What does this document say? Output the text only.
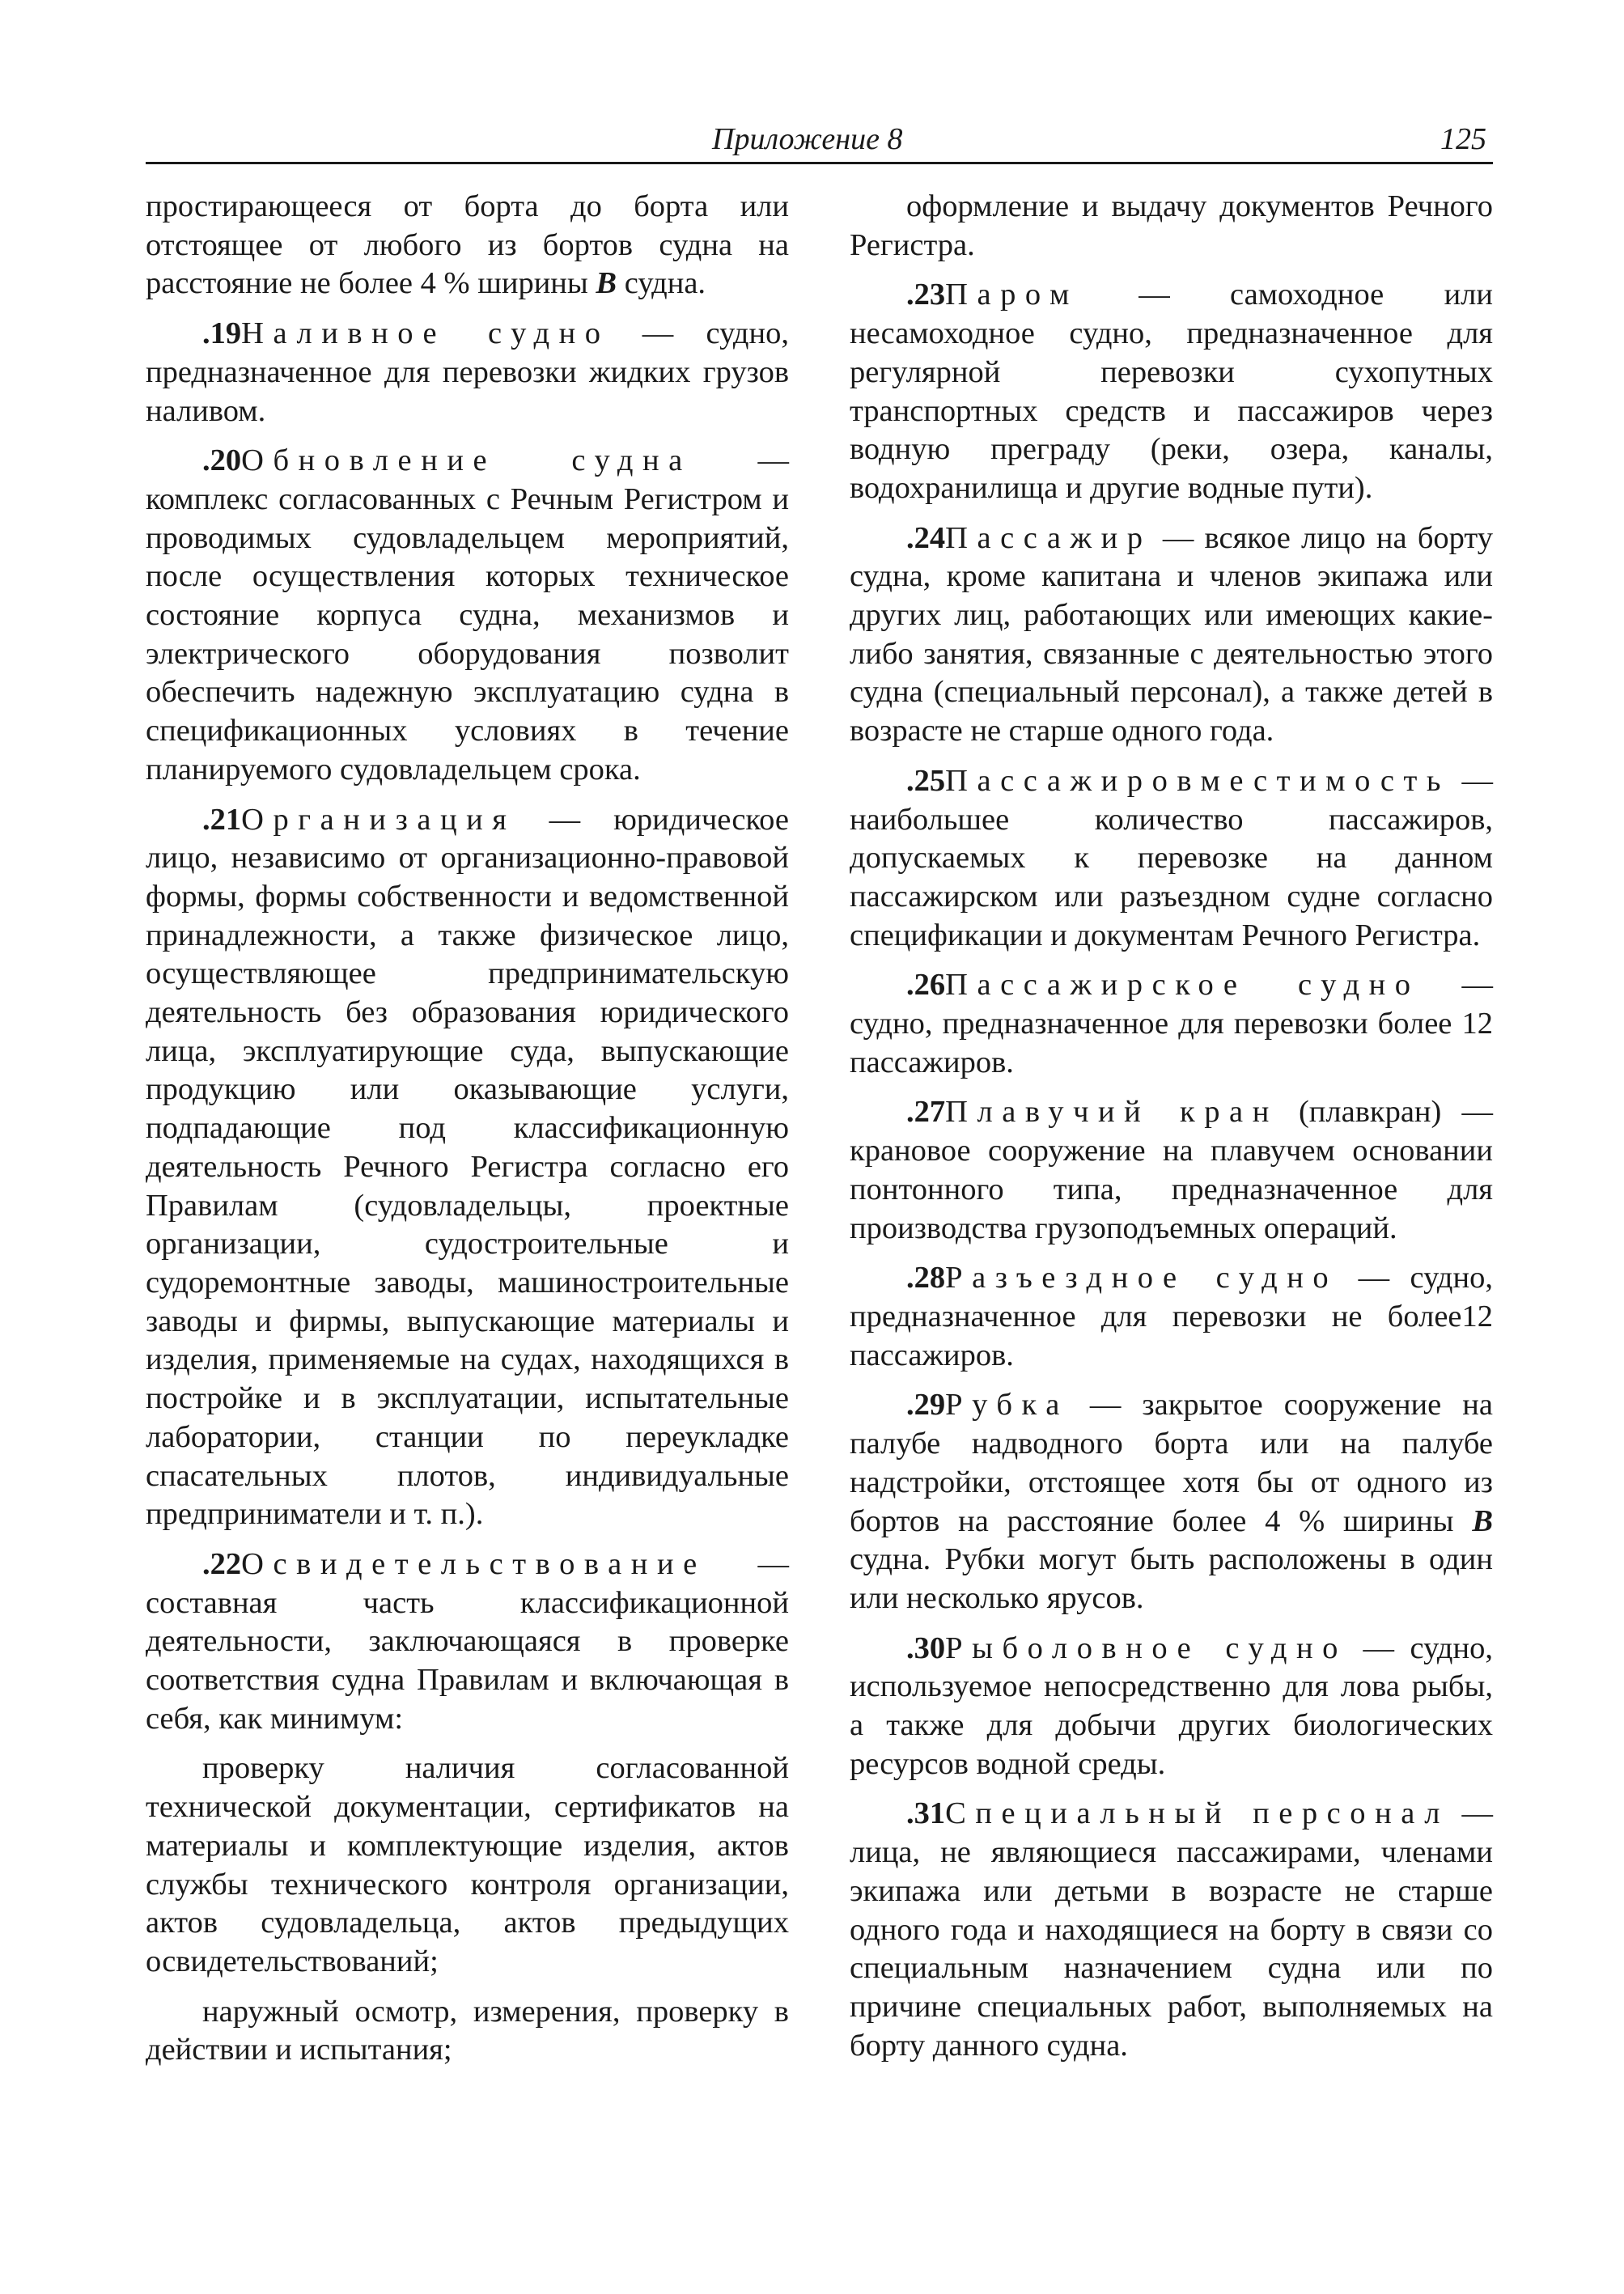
Приложение 8	125

простирающееся от борта до борта или отстоящее от любого из бортов судна на расстояние не более 4 % ширины B судна.

.19Наливное судно — судно, предназначенное для перевозки жидких грузов наливом.

.20Обновление судна — комплекс согласованных с Речным Регистром и проводимых судовладельцем мероприятий, после осуществления которых техническое состояние корпуса судна, механизмов и электрического оборудования позволит обеспечить надежную эксплуатацию судна в спецификационных условиях в течение планируемого судовладельцем срока.

.21Организация — юридическое лицо, независимо от организационно-правовой формы, формы собственности и ведомственной принадлежности, а также физическое лицо, осуществляющее предпринимательскую деятельность без образования юридического лица, эксплуатирующие суда, выпускающие продукцию или оказывающие услуги, подпадающие под классификационную деятельность Речного Регистра согласно его Правилам (судовладельцы, проектные организации, судостроительные и судоремонтные заводы, машиностроительные заводы и фирмы, выпускающие материалы и изделия, применяемые на судах, находящихся в постройке и в эксплуатации, испытательные лаборатории, станции по переукладке спасательных плотов, индивидуальные предприниматели и т. п.).

.22Освидетельствование — составная часть классификационной деятельности, заключающаяся в проверке соответствия судна Правилам и включающая в себя, как минимум:

проверку наличия согласованной технической документации, сертификатов на материалы и комплектующие изделия, актов службы технического контроля организации, актов судовладельца, актов предыдущих освидетельствований;

наружный осмотр, измерения, проверку в действии и испытания;

оформление и выдачу документов Речного Регистра.

.23Паром — самоходное или несамоходное судно, предназначенное для регулярной перевозки сухопутных транспортных средств и пассажиров через водную преграду (реки, озера, каналы, водохранилища и другие водные пути).

.24Пассажир — всякое лицо на борту судна, кроме капитана и членов экипажа или других лиц, работающих или имеющих какие-либо занятия, связанные с деятельностью этого судна (специальный персонал), а также детей в возрасте не старше одного года.

.25Пассажировместимость — наибольшее количество пассажиров, допускаемых к перевозке на данном пассажирском или разъездном судне согласно спецификации и документам Речного Регистра.

.26Пассажирское судно — судно, предназначенное для перевозки более 12 пассажиров.

.27Плавучий кран (плавкран) — крановое сооружение на плавучем основании понтонного типа, предназначенное для производства грузоподъемных операций.

.28Разъездное судно — судно, предназначенное для перевозки не более12 пассажиров.

.29Рубка — закрытое сооружение на палубе надводного борта или на палубе надстройки, отстоящее хотя бы от одного из бортов на расстояние более 4 % ширины B судна. Рубки могут быть расположены в один или несколько ярусов.

.30Рыболовное судно — судно, используемое непосредственно для лова рыбы, а также для добычи других биологических ресурсов водной среды.

.31Специальный персонал — лица, не являющиеся пассажирами, членами экипажа или детьми в возрасте не старше одного года и находящиеся на борту в связи со специальным назначением судна или по причине специальных работ, выполняемых на борту данного судна.
